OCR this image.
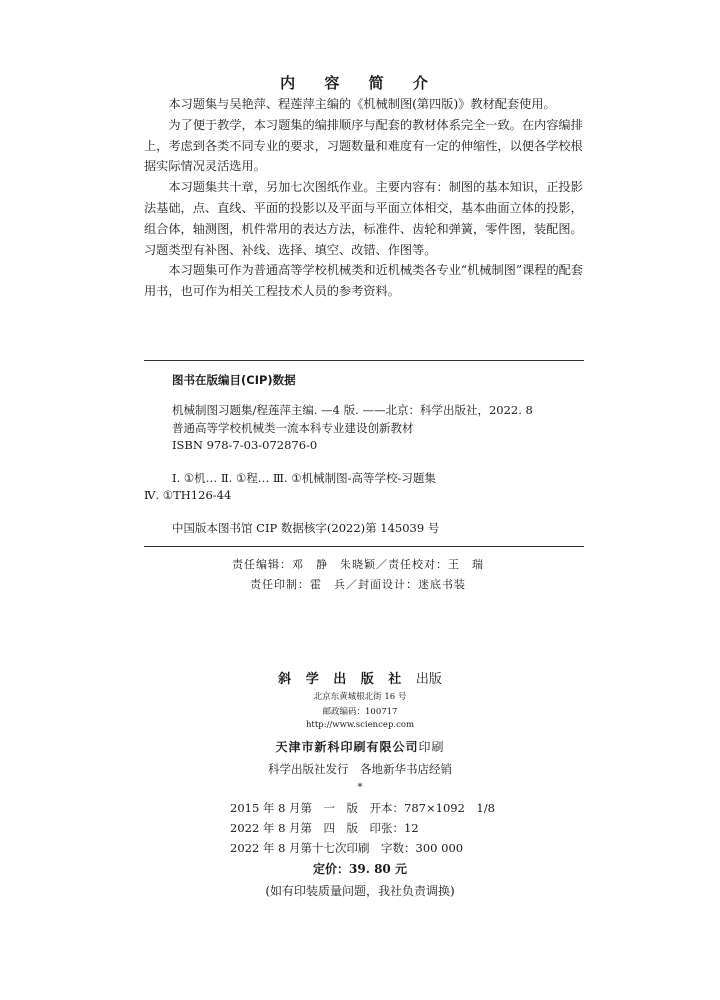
内 容 简 介

本习题集与吴艳萍、程莲萍主编的《机械制图(第四版)》教材配套使用。

为了便于教学，本习题集的编排顺序与配套的教材体系完全一致。在内容编排上，考虑到各类不同专业的要求，习题数量和难度有一定的伸缩性，以便各学校根据实际情况灵活选用。

本习题集共十章，另加七次图纸作业。主要内容有：制图的基本知识，正投影法基础，点、直线、平面的投影以及平面与平面立体相交，基本曲面立体的投影，组合体，轴测图，机件常用的表达方法，标准件、齿轮和弹簧，零件图，装配图。习题类型有补图、补线、选择、填空、改错、作图等。

本习题集可作为普通高等学校机械类和近机械类各专业“机械制图”课程的配套用书，也可作为相关工程技术人员的参考资料。

图书在版编目(CIP)数据
机械制图习题集/程莲萍主编. —4 版. ——北京：科学出版社，2022. 8
普通高等学校机械类一流本科专业建设创新教材
ISBN 978-7-03-072876-0
Ⅰ. ①机… Ⅱ. ①程… Ⅲ. ①机械制图-高等学校-习题集
Ⅳ. ①TH126-44
中国版本图书馆 CIP 数据核字(2022)第 145039 号
责任编辑：邓　静　朱晓颖／责任校对：王　瑞
责任印制：霍　兵／封面设计：迷底书装
斜 学 出 版 社 出版
北京东黄城根北街 16 号
邮政编码：100717
http://www.sciencep.com
天津市新科印刷有限公司印刷
科学出版社发行　各地新华书店经销
*
2015 年 8 月第　一　版　开本：787×1092　1/8
2022 年 8 月第　四　版　印张：12
2022 年 8 月第十七次印刷　字数：300 000
定价：39. 80 元
(如有印装质量问题，我社负责调换)
